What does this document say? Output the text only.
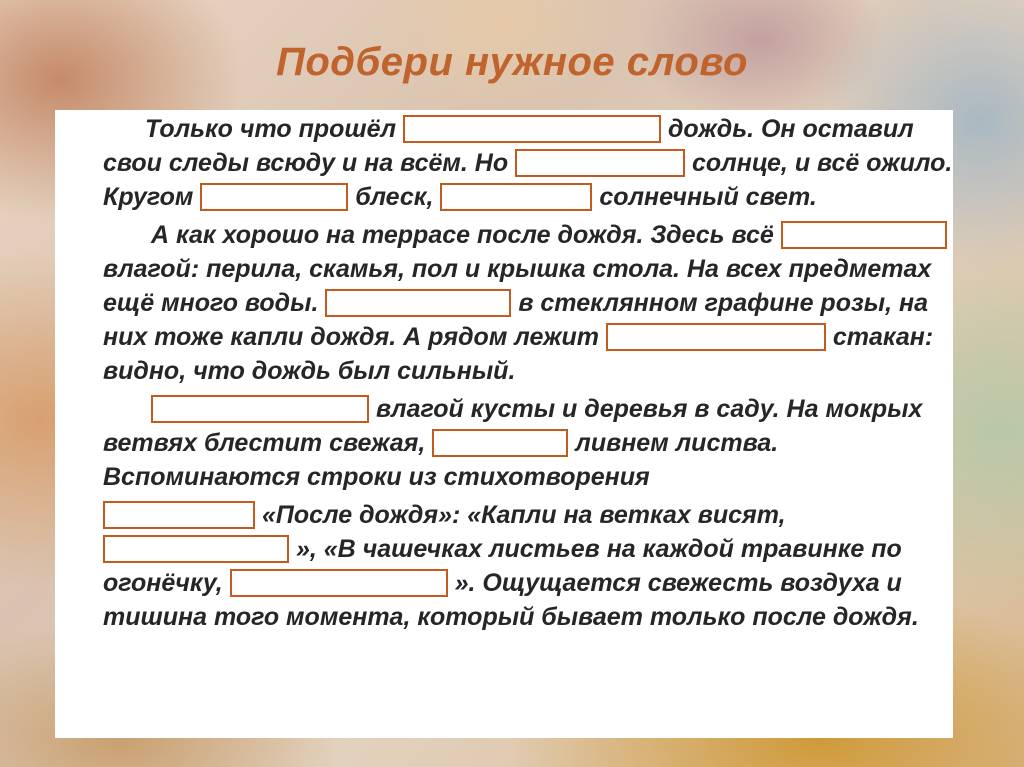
Подбери нужное слово
Только что прошёл	дождь. Он оставил свои следы всюду и на всём. Но	солнце, и всё ожило. Кругом	блеск,	солнечный свет.
А как хорошо на террасе после дождя. Здесь всё  влагой: перила, скамья, пол и крышка стола. На всех предметах ещё много воды.	в стеклянном графине розы, на них тоже капли дождя. А рядом лежит	стакан: видно, что дождь был сильный.
влагой кусты и деревья в саду. На мокрых ветвях блестит свежая,	ливнем листва. Вспоминаются строки из стихотворения
«После дождя»: «Капли на ветках висят,  », «В чашечках листьев на каждой травинке по огонёчку,	». Ощущается свежесть воздуха и тишина того момента, который бывает только после дождя.
